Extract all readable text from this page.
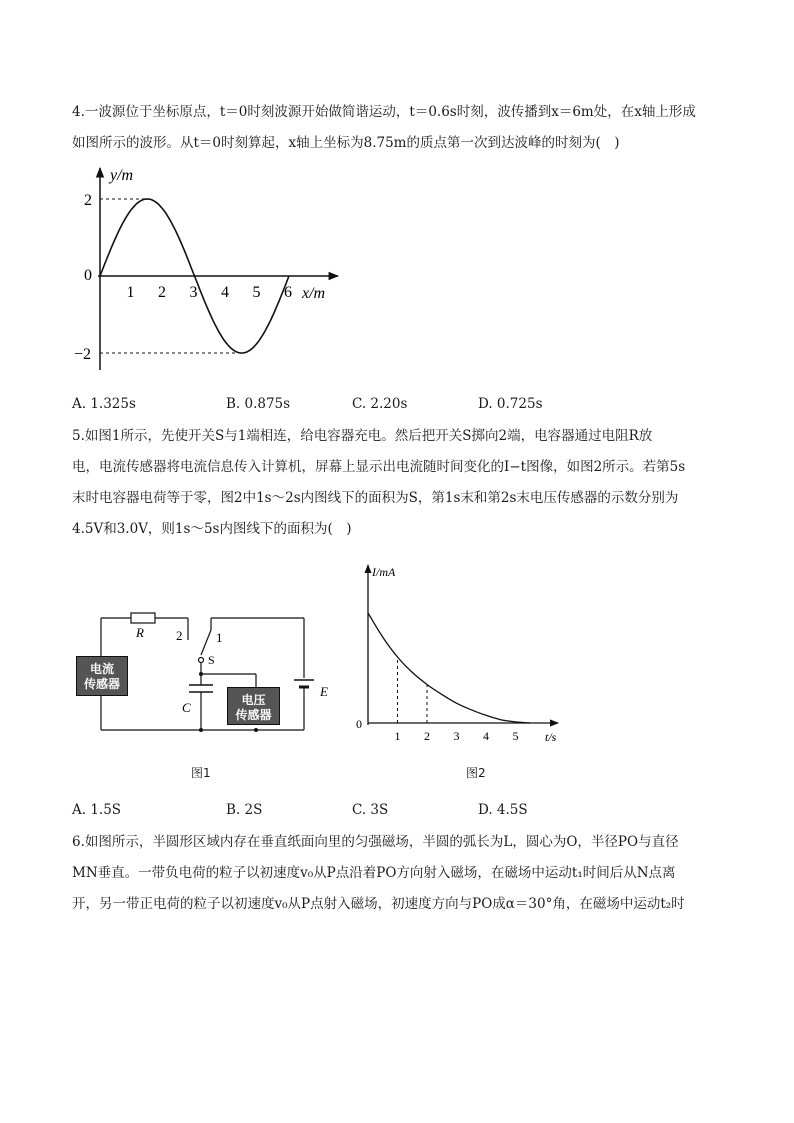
4.一波源位于坐标原点，t＝0时刻波源开始做简谐运动，t＝0.6s时刻，波传播到x＝6m处，在x轴上形成
如图所示的波形。从t＝0时刻算起，x轴上坐标为8.75m的质点第一次到达波峰的时刻为(　)
y/m
x/m
0
2
−2
1 2 3 4 5 6
A. 1.325s	B. 0.875s	C. 2.20s	D. 0.725s
5.如图1所示，先使开关S与1端相连，给电容器充电。然后把开关S掷向2端，电容器通过电阻R放
电，电流传感器将电流信息传入计算机，屏幕上显示出电流随时间变化的I−t图像，如图2所示。若第5s
末时电容器电荷等于零，图2中1s～2s内图线下的面积为S，第1s末和第2s末电压传感器的示数分别为
4.5V和3.0V，则1s～5s内图线下的面积为(　)
R 2	1
S
C
E
电流
传感器
电压
传感器
图1
I/mA
t/s
0
1 2 3 4 5
图2
A. 1.5S	B. 2S	C. 3S	D. 4.5S
6.如图所示，半圆形区域内存在垂直纸面向里的匀强磁场，半圆的弧长为L，圆心为O，半径PO与直径
MN垂直。一带负电荷的粒子以初速度v₀从P点沿着PO方向射入磁场，在磁场中运动t₁时间后从N点离
开，另一带正电荷的粒子以初速度v₀从P点射入磁场，初速度方向与PO成α＝30°角，在磁场中运动t₂时
